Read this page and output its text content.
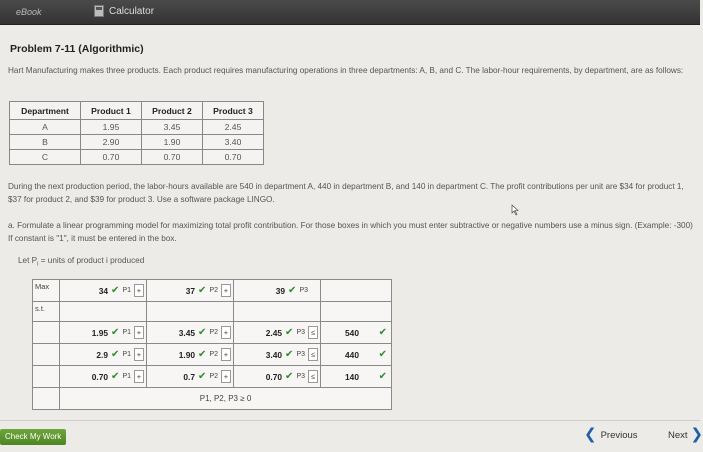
eBook	Calculator
Problem 7-11 (Algorithmic)
Hart Manufacturing makes three products. Each product requires manufacturing operations in three departments: A, B, and C. The labor-hour requirements, by department, are as follows:
Department	Product 1	Product 2	Product 3
A	1.95	3.45	2.45
B	2.90	1.90	3.40
C	0.70	0.70	0.70
During the next production period, the labor-hours available are 540 in department A, 440 in department B, and 140 in department C. The profit contributions per unit are $34 for product 1, $37 for product 2, and $39 for product 3. Use a software package LINGO.
a. Formulate a linear programming model for maximizing total profit contribution. For those boxes in which you must enter subtractive or negative numbers use a minus sign. (Example: -300) If constant is "1", it must be entered in the box.
Let $P_i$ = units of product i produced
Max	34 ✔ P1 +	37 ✔ P2 +	39 ✔ P3	

s.t.				

	1.95 ✔ P1 +	3.45 ✔ P2 +	2.45 ✔ P3 ≤	540 ✔

	2.9 ✔ P1 +	1.90 ✔ P2 +	3.40 ✔ P3 ≤	440 ✔

	0.70 ✔ P1 +	0.7 ✔ P2 +	0.70 ✔ P3 ≤	140 ✔

	P1, P2, P3 ≥ 0			
Check My Work	❮ Previous	Next ❯
